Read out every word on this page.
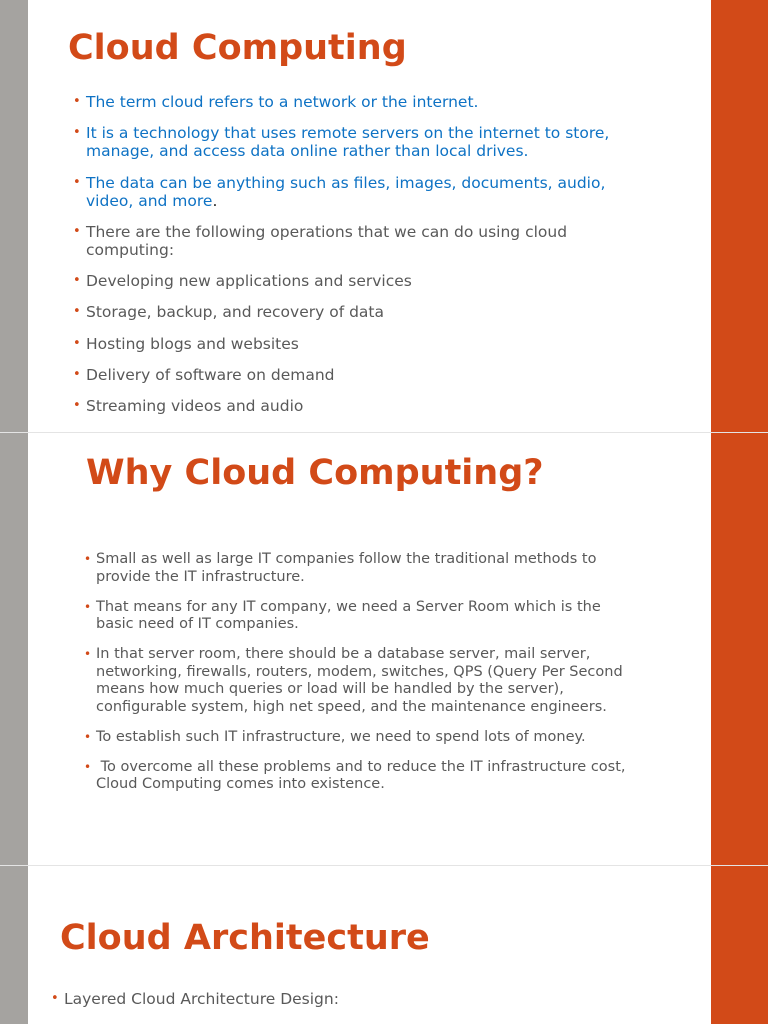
Cloud Computing
• The term cloud refers to a network or the internet.
• It is a technology that uses remote servers on the internet to store, manage, and access data online rather than local drives.
• The data can be anything such as files, images, documents, audio, video, and more.
• There are the following operations that we can do using cloud computing:
• Developing new applications and services
• Storage, backup, and recovery of data
• Hosting blogs and websites
• Delivery of software on demand
• Streaming videos and audio
Why Cloud Computing?
• Small as well as large IT companies follow the traditional methods to provide the IT infrastructure.
• That means for any IT company, we need a Server Room which is the basic need of IT companies.
• In that server room, there should be a database server, mail server, networking, firewalls, routers, modem, switches, QPS (Query Per Second means how much queries or load will be handled by the server), configurable system, high net speed, and the maintenance engineers.
• To establish such IT infrastructure, we need to spend lots of money.
•  To overcome all these problems and to reduce the IT infrastructure cost, Cloud Computing comes into existence.
Cloud Architecture
• Layered Cloud Architecture Design:
